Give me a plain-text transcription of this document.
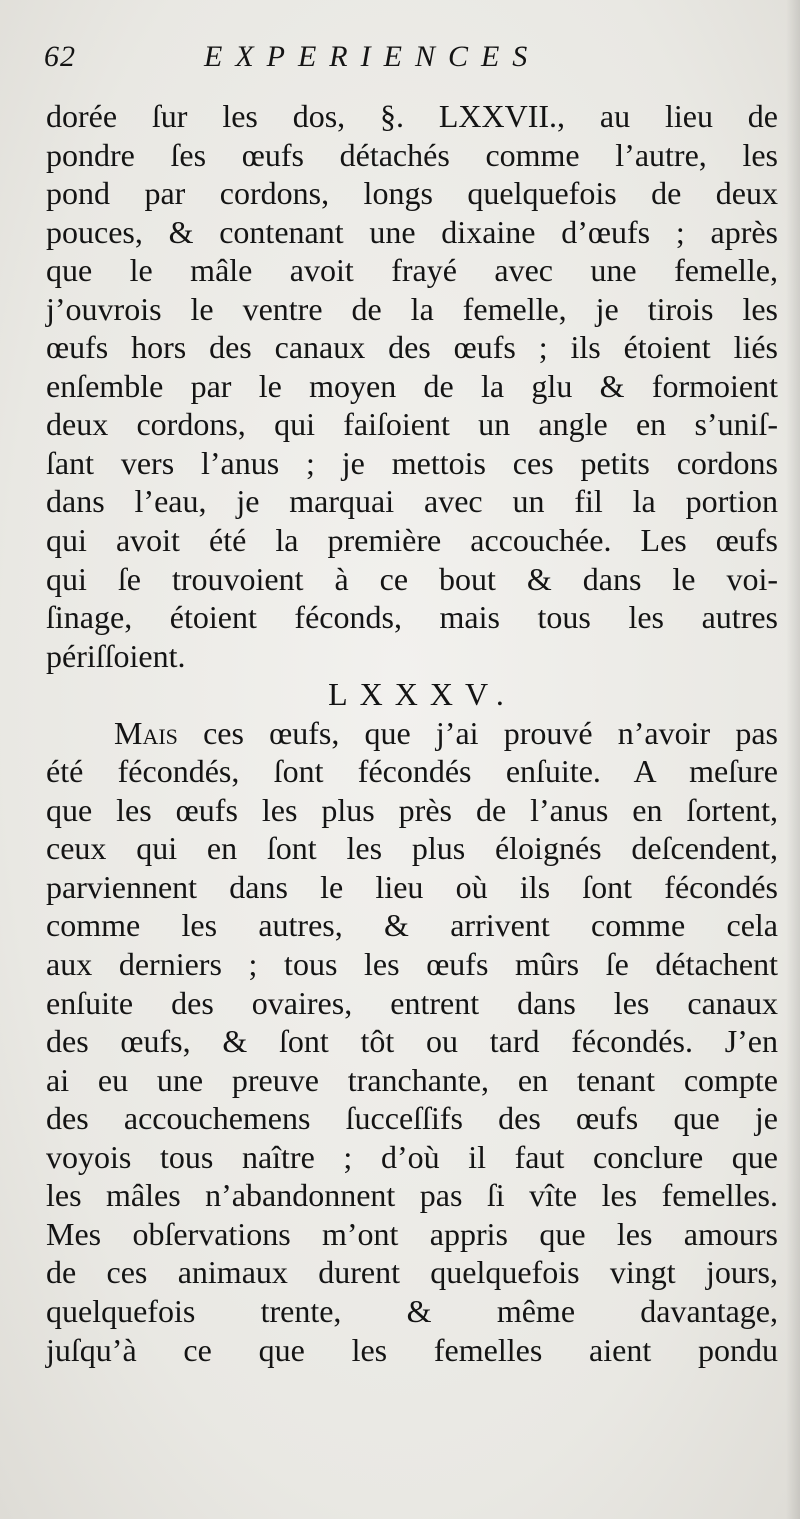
62	EXPERIENCES
dorée ſur les dos, §. LXXVII., au lieu de
pondre ſes œufs détachés comme l’autre, les
pond par cordons, longs quelquefois de deux
pouces, & contenant une dixaine d’œufs ; après
que le mâle avoit frayé avec une femelle,
j’ouvrois le ventre de la femelle, je tirois les
œufs hors des canaux des œufs ; ils étoient liés
enſemble par le moyen de la glu & formoient
deux cordons, qui faiſoient un angle en s’uniſ-
ſant vers l’anus ; je mettois ces petits cordons
dans l’eau, je marquai avec un fil la portion
qui avoit été la première accouchée. Les œufs
qui ſe trouvoient à ce bout & dans le voi-
ſinage, étoient féconds, mais tous les autres
périſſoient.
LXXXV.
Mais ces œufs, que j’ai prouvé n’avoir pas
été fécondés, ſont fécondés enſuite. A meſure
que les œufs les plus près de l’anus en ſortent,
ceux qui en ſont les plus éloignés deſcendent,
parviennent dans le lieu où ils ſont fécondés
comme les autres, & arrivent comme cela
aux derniers ; tous les œufs mûrs ſe détachent
enſuite des ovaires, entrent dans les canaux
des œufs, & ſont tôt ou tard fécondés. J’en
ai eu une preuve tranchante, en tenant compte
des accouchemens ſucceſſifs des œufs que je
voyois tous naître ; d’où il faut conclure que
les mâles n’abandonnent pas ſi vîte les femelles.
Mes obſervations m’ont appris que les amours
de ces animaux durent quelquefois vingt jours,
quelquefois trente, & même davantage,
juſqu’à ce que les femelles aient pondu
